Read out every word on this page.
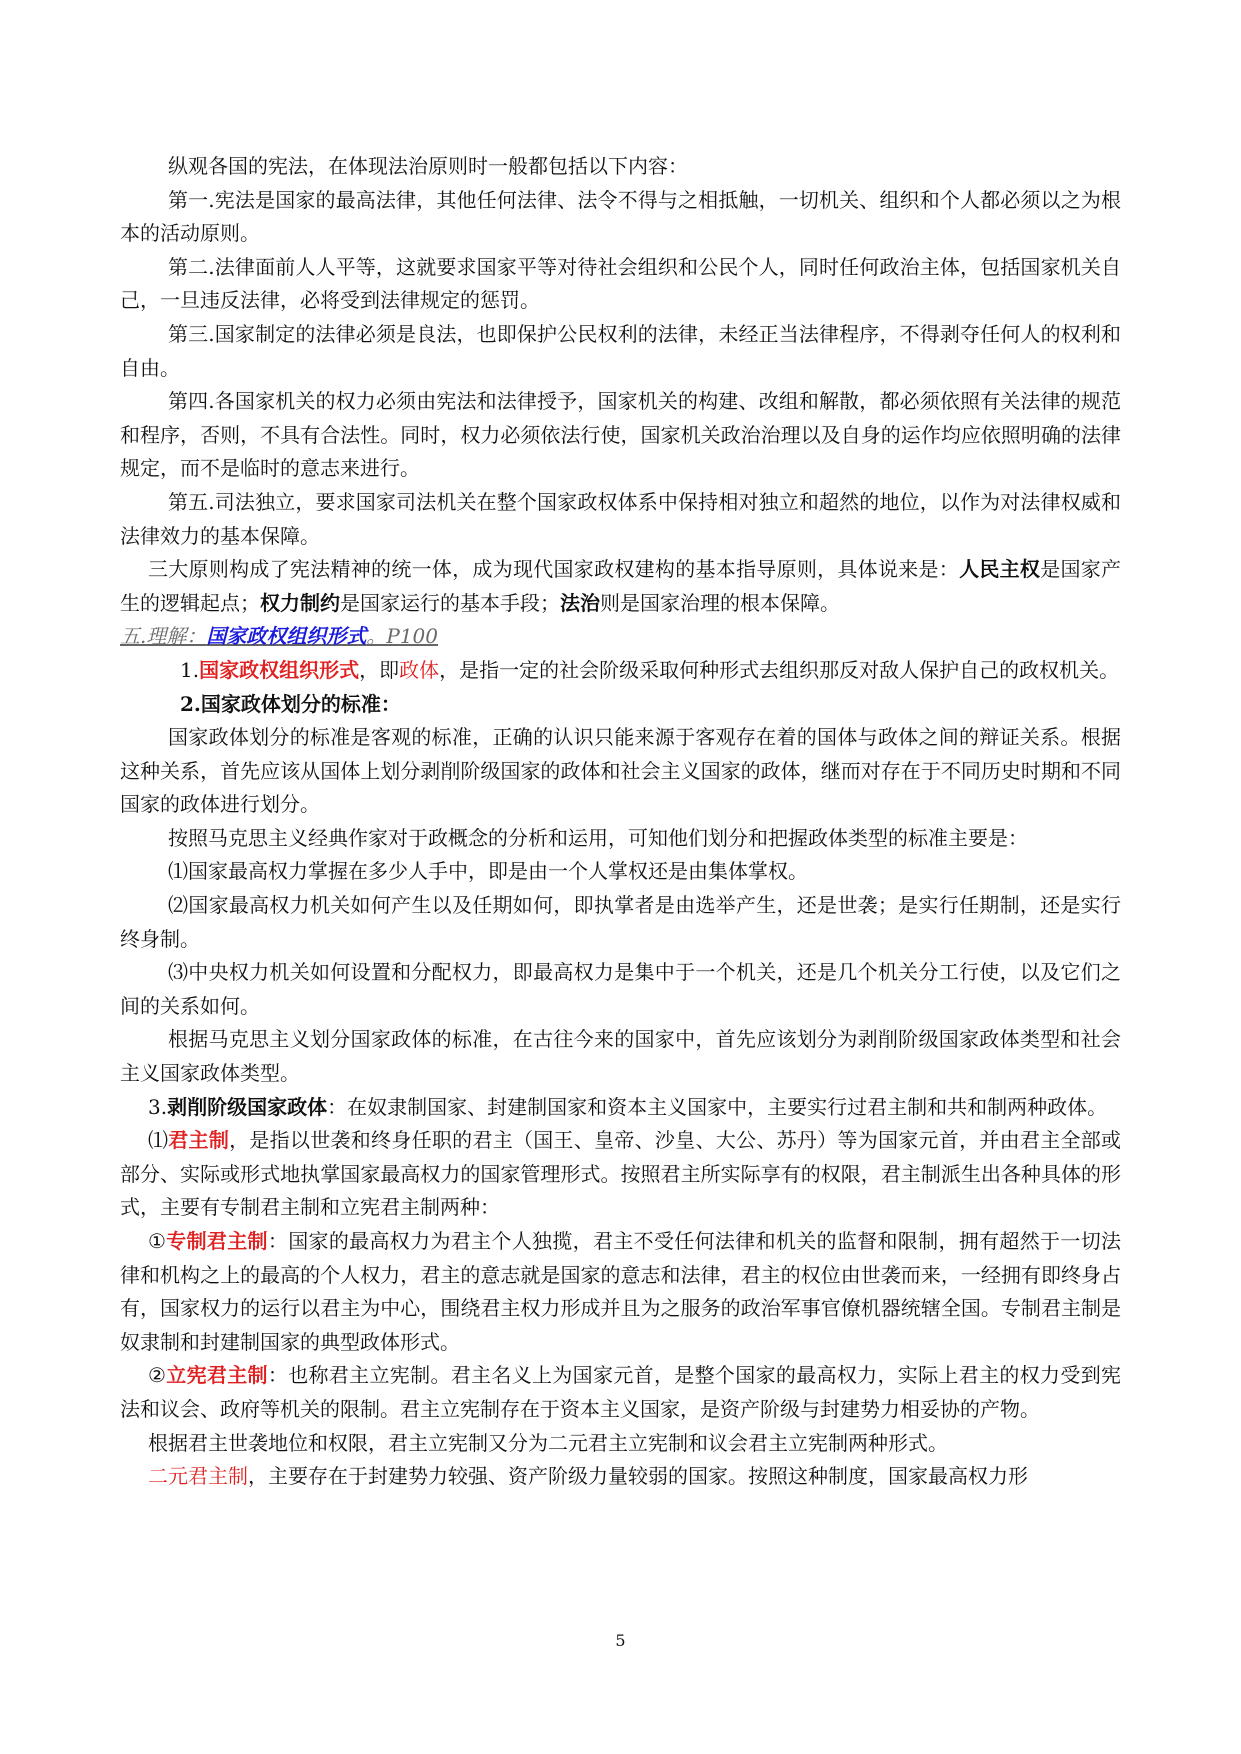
纵观各国的宪法，在体现法治原则时一般都包括以下内容：

第一.宪法是国家的最高法律，其他任何法律、法令不得与之相抵触，一切机关、组织和个人都必须以之为根本的活动原则。

第二.法律面前人人平等，这就要求国家平等对待社会组织和公民个人，同时任何政治主体，包括国家机关自己，一旦违反法律，必将受到法律规定的惩罚。

第三.国家制定的法律必须是良法，也即保护公民权利的法律，未经正当法律程序，不得剥夺任何人的权利和自由。

第四.各国家机关的权力必须由宪法和法律授予，国家机关的构建、改组和解散，都必须依照有关法律的规范和程序，否则，不具有合法性。同时，权力必须依法行使，国家机关政治治理以及自身的运作均应依照明确的法律规定，而不是临时的意志来进行。

第五.司法独立，要求国家司法机关在整个国家政权体系中保持相对独立和超然的地位，以作为对法律权威和法律效力的基本保障。

三大原则构成了宪法精神的统一体，成为现代国家政权建构的基本指导原则，具体说来是：人民主权是国家产生的逻辑起点；权力制约是国家运行的基本手段；法治则是国家治理的根本保障。

五.理解：国家政权组织形式。P100

1.国家政权组织形式，即政体，是指一定的社会阶级采取何种形式去组织那反对敌人保护自己的政权机关。

2.国家政体划分的标准：

国家政体划分的标准是客观的标准，正确的认识只能来源于客观存在着的国体与政体之间的辩证关系。根据这种关系，首先应该从国体上划分剥削阶级国家的政体和社会主义国家的政体，继而对存在于不同历史时期和不同国家的政体进行划分。

按照马克思主义经典作家对于政概念的分析和运用，可知他们划分和把握政体类型的标准主要是：

⑴国家最高权力掌握在多少人手中，即是由一个人掌权还是由集体掌权。

⑵国家最高权力机关如何产生以及任期如何，即执掌者是由选举产生，还是世袭；是实行任期制，还是实行终身制。

⑶中央权力机关如何设置和分配权力，即最高权力是集中于一个机关，还是几个机关分工行使，以及它们之间的关系如何。

根据马克思主义划分国家政体的标准，在古往今来的国家中，首先应该划分为剥削阶级国家政体类型和社会主义国家政体类型。

3.剥削阶级国家政体：在奴隶制国家、封建制国家和资本主义国家中，主要实行过君主制和共和制两种政体。

⑴君主制，是指以世袭和终身任职的君主（国王、皇帝、沙皇、大公、苏丹）等为国家元首，并由君主全部或部分、实际或形式地执掌国家最高权力的国家管理形式。按照君主所实际享有的权限，君主制派生出各种具体的形式，主要有专制君主制和立宪君主制两种：

①专制君主制：国家的最高权力为君主个人独揽，君主不受任何法律和机关的监督和限制，拥有超然于一切法律和机构之上的最高的个人权力，君主的意志就是国家的意志和法律，君主的权位由世袭而来，一经拥有即终身占有，国家权力的运行以君主为中心，围绕君主权力形成并且为之服务的政治军事官僚机器统辖全国。专制君主制是奴隶制和封建制国家的典型政体形式。

②立宪君主制：也称君主立宪制。君主名义上为国家元首，是整个国家的最高权力，实际上君主的权力受到宪法和议会、政府等机关的限制。君主立宪制存在于资本主义国家，是资产阶级与封建势力相妥协的产物。

根据君主世袭地位和权限，君主立宪制又分为二元君主立宪制和议会君主立宪制两种形式。

二元君主制，主要存在于封建势力较强、资产阶级力量较弱的国家。按照这种制度，国家最高权力形

5
